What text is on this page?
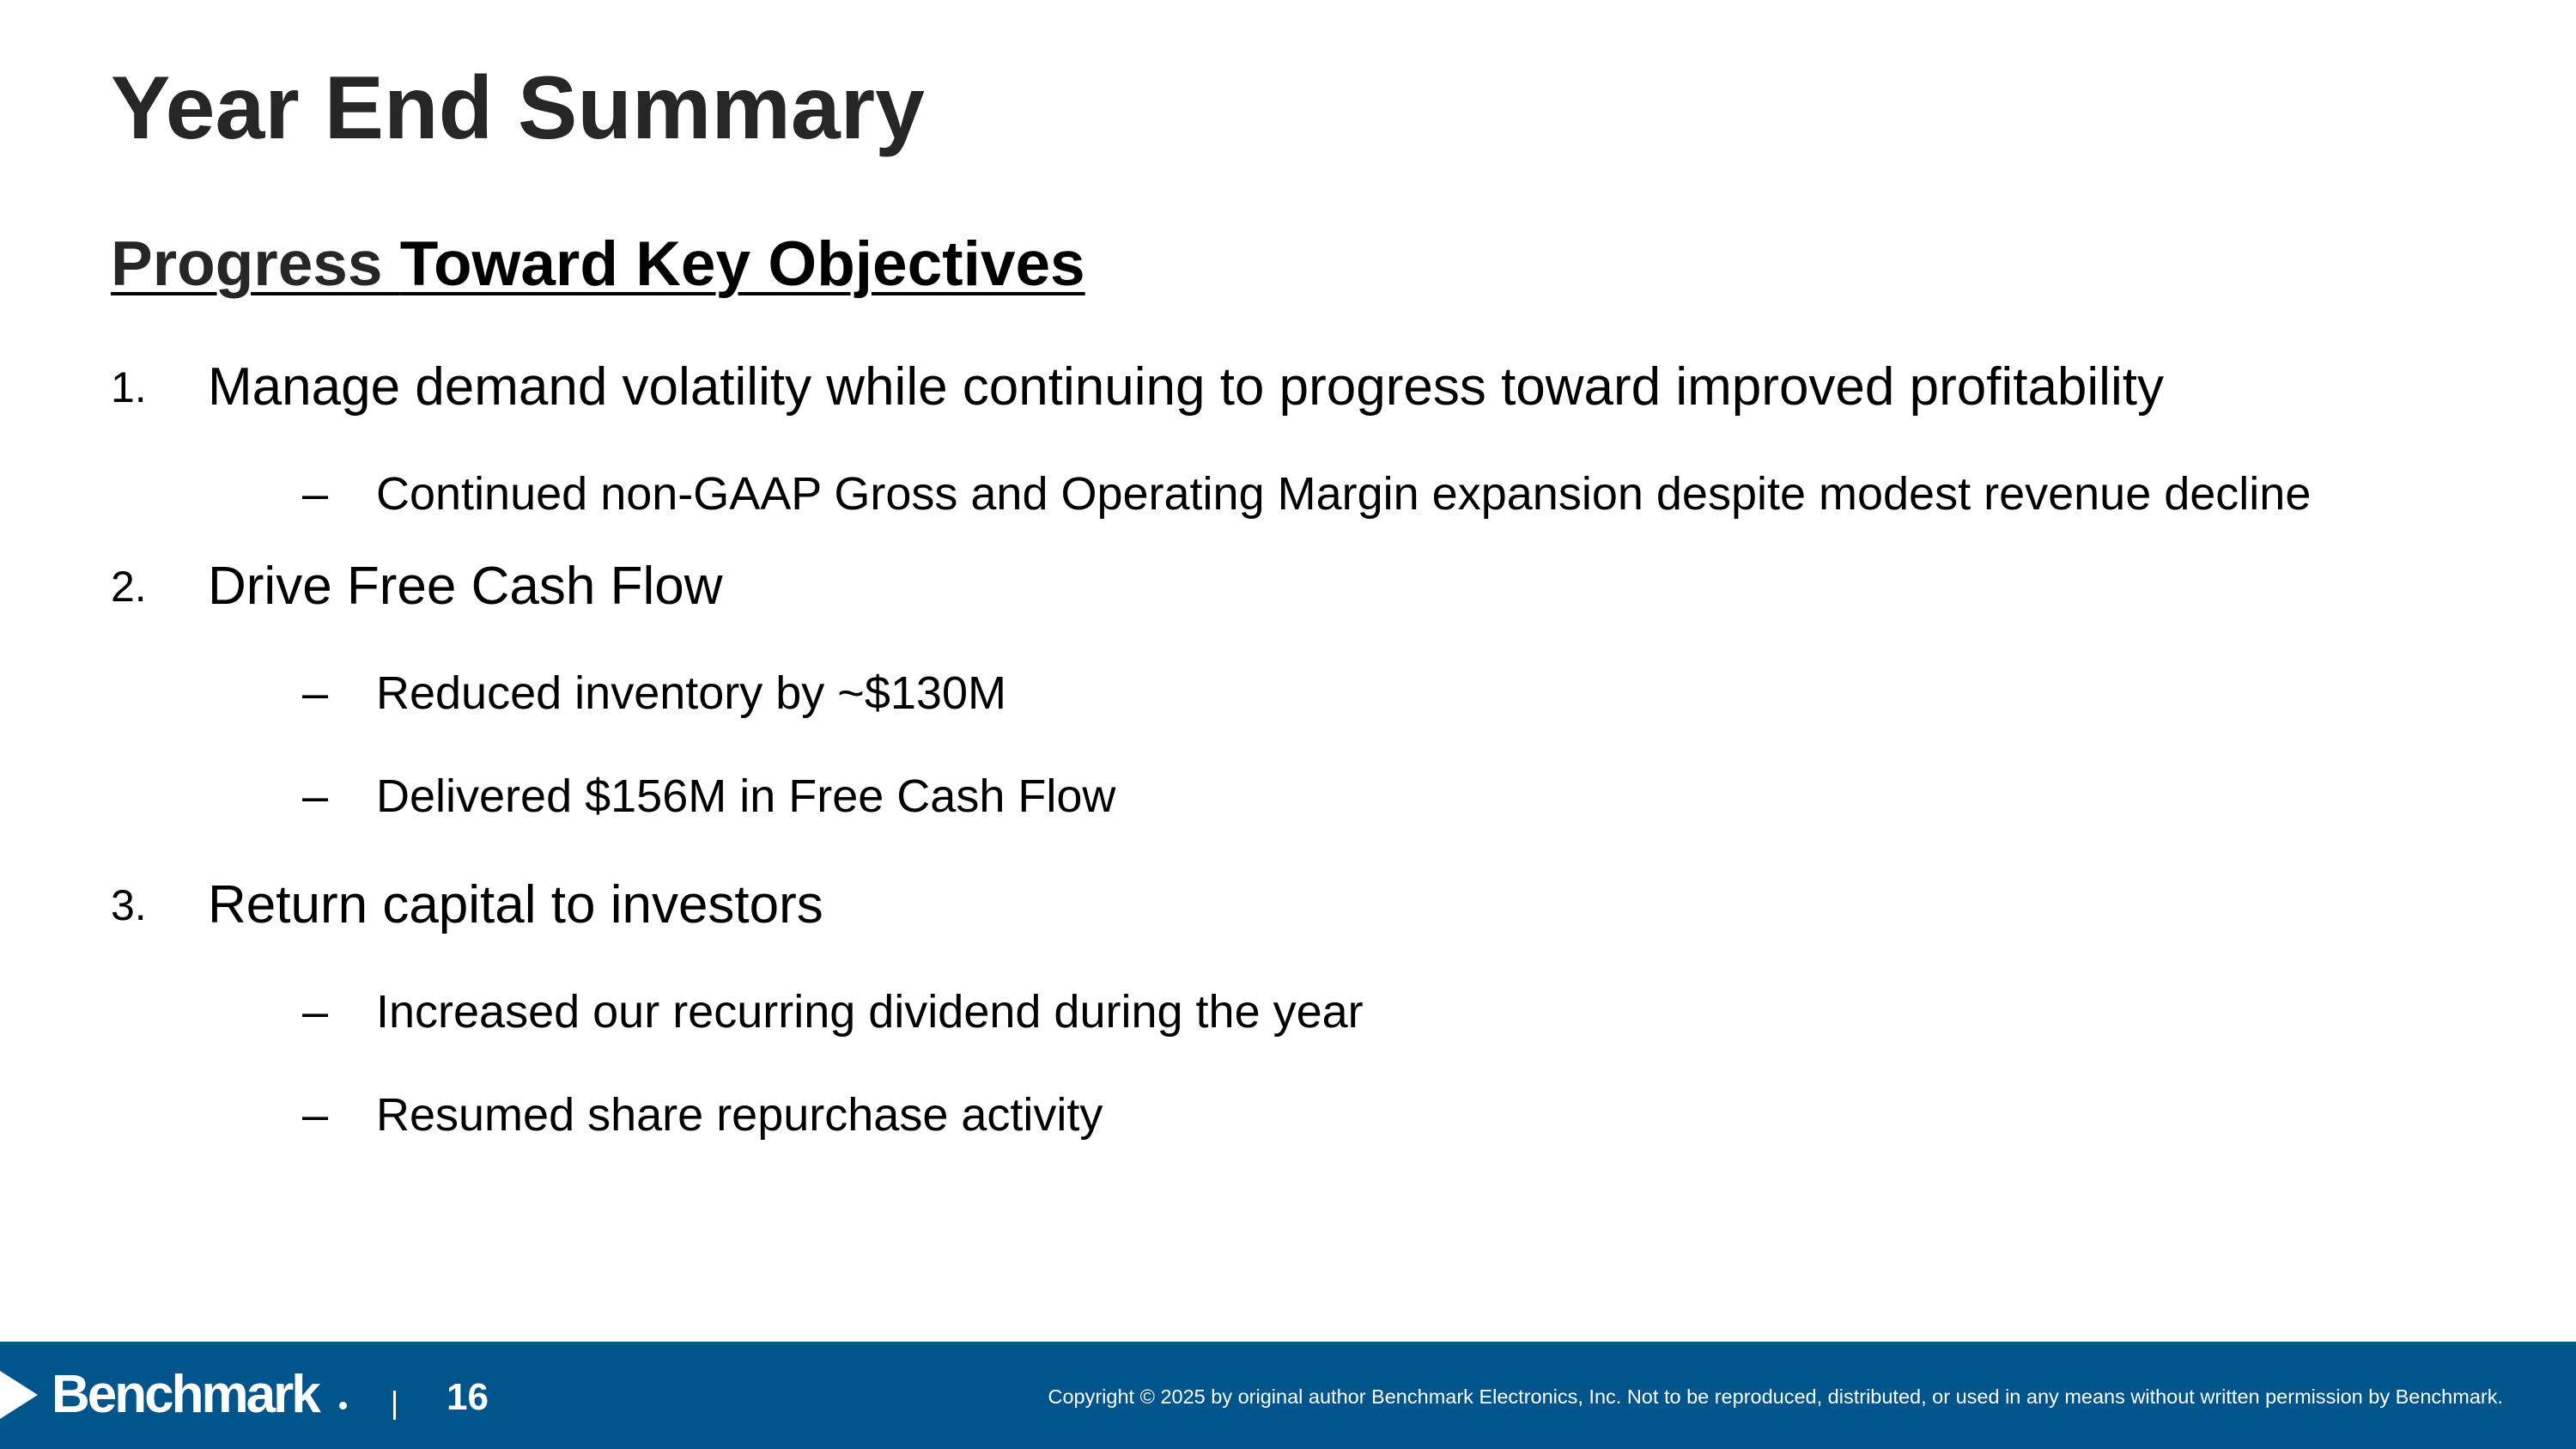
Year End Summary
Progress Toward Key Objectives
1. Manage demand volatility while continuing to progress toward improved profitability
– Continued non-GAAP Gross and Operating Margin expansion despite modest revenue decline
2. Drive Free Cash Flow
– Reduced inventory by ~$130M
– Delivered $156M in Free Cash Flow
3. Return capital to investors
– Increased our recurring dividend during the year
– Resumed share repurchase activity
Benchmark	16	Copyright © 2025 by original author Benchmark Electronics, Inc. Not to be reproduced, distributed, or used in any means without written permission by Benchmark.
